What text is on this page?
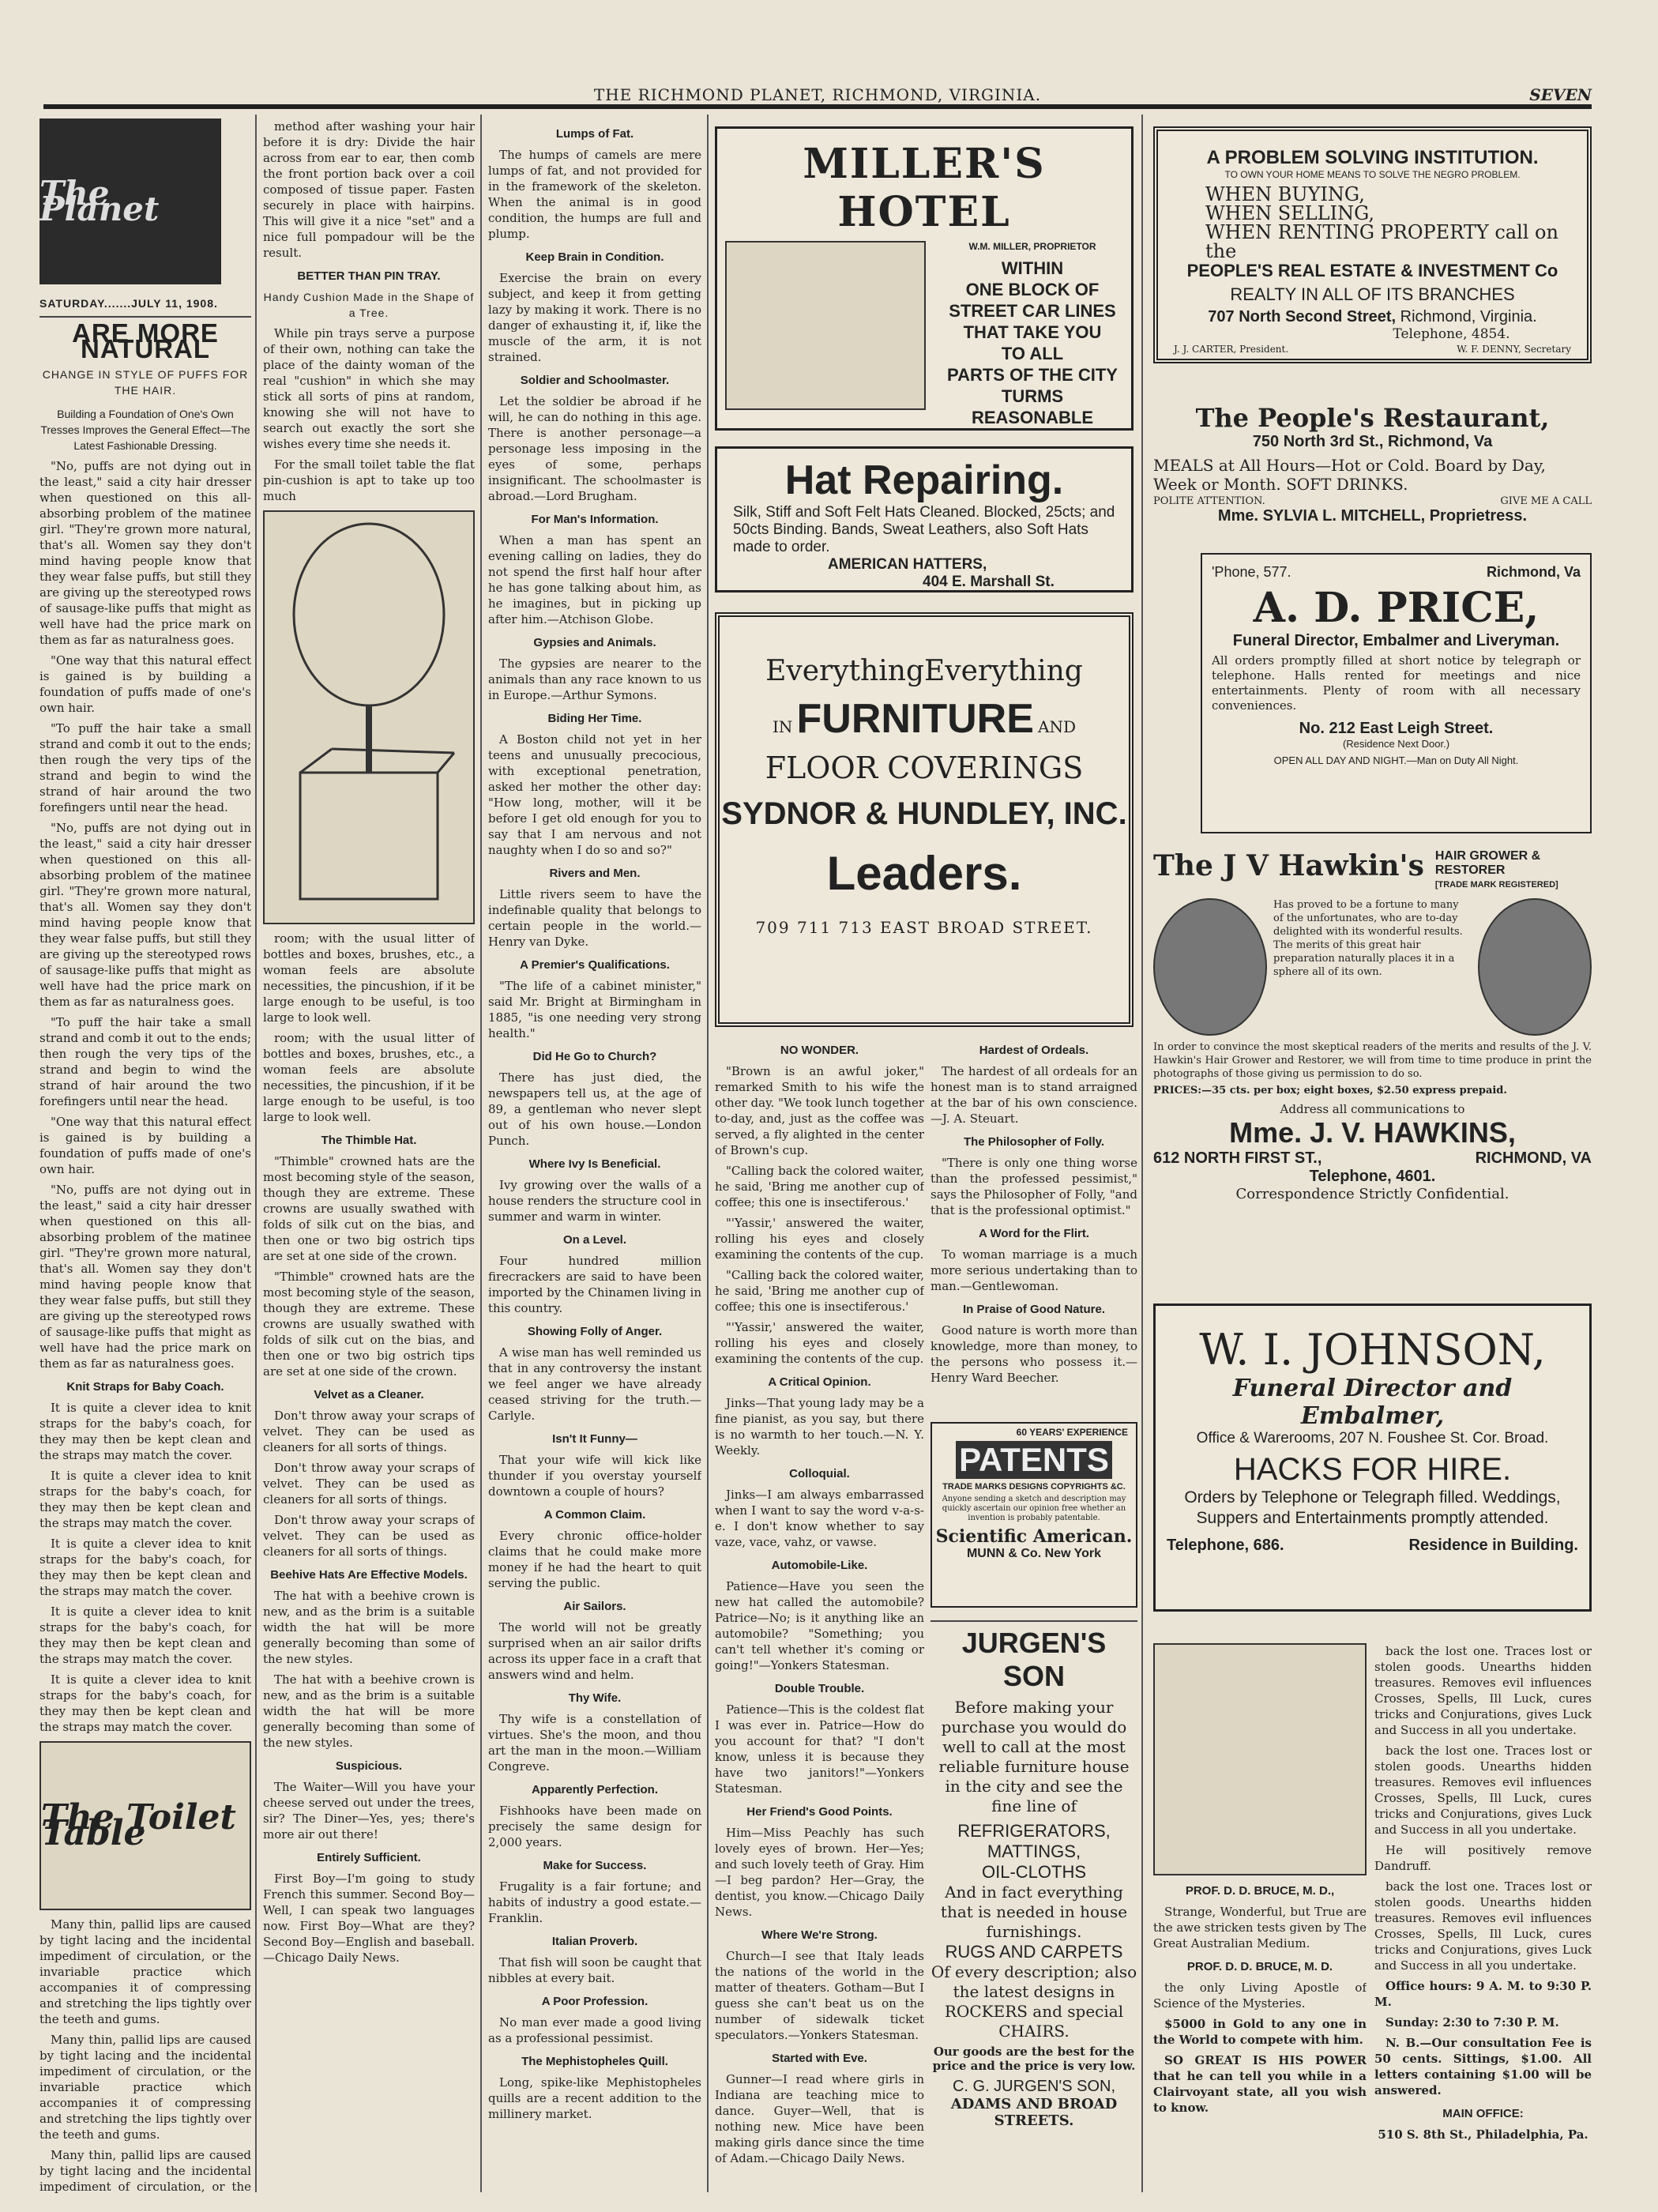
THE RICHMOND PLANET, RICHMOND, VIRGINIA.	SEVEN
The Planet
SATURDAY.......JULY 11, 1908.
ARE MORE NATURAL
CHANGE IN STYLE OF PUFFS FOR THE HAIR.
Building a Foundation of One's Own Tresses Improves the General Effect—The Latest Fashionable Dressing.

"No, puffs are not dying out in the least," said a city hair dresser when questioned on this all-absorbing problem of the matinee girl. "They're grown more natural, that's all. Women say they don't mind having people know that they wear false puffs, but still they are giving up the stereotyped rows of sausage-like puffs that might as well have had the price mark on them as far as naturalness goes.

"One way that this natural effect is gained is by building a foundation of puffs made of one's own hair.

"To puff the hair take a small strand and comb it out to the ends; then rough the very tips of the strand and begin to wind the strand of hair around the two forefingers until near the head.

"No, puffs are not dying out in the least," said a city hair dresser when questioned on this all-absorbing problem of the matinee girl. "They're grown more natural, that's all. Women say they don't mind having people know that they wear false puffs, but still they are giving up the stereotyped rows of sausage-like puffs that might as well have had the price mark on them as far as naturalness goes.

"To puff the hair take a small strand and comb it out to the ends; then rough the very tips of the strand and begin to wind the strand of hair around the two forefingers until near the head.

"One way that this natural effect is gained is by building a foundation of puffs made of one's own hair.

"No, puffs are not dying out in the least," said a city hair dresser when questioned on this all-absorbing problem of the matinee girl. "They're grown more natural, that's all. Women say they don't mind having people know that they wear false puffs, but still they are giving up the stereotyped rows of sausage-like puffs that might as well have had the price mark on them as far as naturalness goes.

Knit Straps for Baby Coach.

It is quite a clever idea to knit straps for the baby's coach, for they may then be kept clean and the straps may match the cover.

It is quite a clever idea to knit straps for the baby's coach, for they may then be kept clean and the straps may match the cover.

It is quite a clever idea to knit straps for the baby's coach, for they may then be kept clean and the straps may match the cover.

It is quite a clever idea to knit straps for the baby's coach, for they may then be kept clean and the straps may match the cover.

It is quite a clever idea to knit straps for the baby's coach, for they may then be kept clean and the straps may match the cover.

The Toilet Table

Many thin, pallid lips are caused by tight lacing and the incidental impediment of circulation, or the invariable practice which accompanies it of compressing and stretching the lips tightly over the teeth and gums.

Many thin, pallid lips are caused by tight lacing and the incidental impediment of circulation, or the invariable practice which accompanies it of compressing and stretching the lips tightly over the teeth and gums.

Many thin, pallid lips are caused by tight lacing and the incidental impediment of circulation, or the

method after washing your hair before it is dry: Divide the hair across from ear to ear, then comb the front portion back over a coil composed of tissue paper. Fasten securely in place with hairpins. This will give it a nice "set" and a nice full pompadour will be the result.

BETTER THAN PIN TRAY.
Handy Cushion Made in the Shape of a Tree.

While pin trays serve a purpose of their own, nothing can take the place of the dainty woman of the real "cushion" in which she may stick all sorts of pins at random, knowing she will not have to search out exactly the sort she wishes every time she needs it.

For the small toilet table the flat pin-cushion is apt to take up too much

room; with the usual litter of bottles and boxes, brushes, etc., a woman feels are absolute necessities, the pincushion, if it be large enough to be useful, is too large to look well.

room; with the usual litter of bottles and boxes, brushes, etc., a woman feels are absolute necessities, the pincushion, if it be large enough to be useful, is too large to look well.

The Thimble Hat.

"Thimble" crowned hats are the most becoming style of the season, though they are extreme. These crowns are usually swathed with folds of silk cut on the bias, and then one or two big ostrich tips are set at one side of the crown.

"Thimble" crowned hats are the most becoming style of the season, though they are extreme. These crowns are usually swathed with folds of silk cut on the bias, and then one or two big ostrich tips are set at one side of the crown.

Velvet as a Cleaner.

Don't throw away your scraps of velvet. They can be used as cleaners for all sorts of things.

Don't throw away your scraps of velvet. They can be used as cleaners for all sorts of things.

Don't throw away your scraps of velvet. They can be used as cleaners for all sorts of things.

Beehive Hats Are Effective Models.

The hat with a beehive crown is new, and as the brim is a suitable width the hat will be more generally becoming than some of the new styles.

The hat with a beehive crown is new, and as the brim is a suitable width the hat will be more generally becoming than some of the new styles.

Suspicious.

The Waiter—Will you have your cheese served out under the trees, sir? The Diner—Yes, yes; there's more air out there!

Entirely Sufficient.

First Boy—I'm going to study French this summer. Second Boy—Well, I can speak two languages now. First Boy—What are they? Second Boy—English and baseball. —Chicago Daily News.

Lumps of Fat.

The humps of camels are mere lumps of fat, and not provided for in the framework of the skeleton. When the animal is in good condition, the humps are full and plump.

Keep Brain in Condition.

Exercise the brain on every subject, and keep it from getting lazy by making it work. There is no danger of exhausting it, if, like the muscle of the arm, it is not strained.

Soldier and Schoolmaster.

Let the soldier be abroad if he will, he can do nothing in this age. There is another personage—a personage less imposing in the eyes of some, perhaps insignificant. The schoolmaster is abroad.—Lord Brugham.

For Man's Information.

When a man has spent an evening calling on ladies, they do not spend the first half hour after he has gone talking about him, as he imagines, but in picking up after him.—Atchison Globe.

Gypsies and Animals.

The gypsies are nearer to the animals than any race known to us in Europe.—Arthur Symons.

Biding Her Time.

A Boston child not yet in her teens and unusually precocious, with exceptional penetration, asked her mother the other day: "How long, mother, will it be before I get old enough for you to say that I am nervous and not naughty when I do so and so?"

Rivers and Men.

Little rivers seem to have the indefinable quality that belongs to certain people in the world.—Henry van Dyke.

A Premier's Qualifications.

"The life of a cabinet minister," said Mr. Bright at Birmingham in 1885, "is one needing very strong health."

Did He Go to Church?

There has just died, the newspapers tell us, at the age of 89, a gentleman who never slept out of his own house.—London Punch.

Where Ivy Is Beneficial.

Ivy growing over the walls of a house renders the structure cool in summer and warm in winter.

On a Level.

Four hundred million firecrackers are said to have been imported by the Chinamen living in this country.

Showing Folly of Anger.

A wise man has well reminded us that in any controversy the instant we feel anger we have already ceased striving for the truth.—Carlyle.

Isn't It Funny—

That your wife will kick like thunder if you overstay yourself downtown a couple of hours?

A Common Claim.

Every chronic office-holder claims that he could make more money if he had the heart to quit serving the public.

Air Sailors.

The world will not be greatly surprised when an air sailor drifts across its upper face in a craft that answers wind and helm.

Thy Wife.

Thy wife is a constellation of virtues. She's the moon, and thou art the man in the moon.—William Congreve.

Apparently Perfection.

Fishhooks have been made on precisely the same design for 2,000 years.

Make for Success.

Frugality is a fair fortune; and habits of industry a good estate.—Franklin.

Italian Proverb.

That fish will soon be caught that nibbles at every bait.

A Poor Profession.

No man ever made a good living as a professional pessimist.

The Mephistopheles Quill.

Long, spike-like Mephistopheles quills are a recent addition to the millinery market.

MILLER'S HOTEL
W.M. MILLER, PROPRIETOR
WITHIN
ONE BLOCK OF
STREET CAR LINES
THAT TAKE YOU
TO ALL
PARTS OF THE CITY
TURMS
REASONABLE
Hat Repairing.
Silk, Stiff and Soft Felt Hats Cleaned. Blocked, 25cts; and 50cts Binding. Bands, Sweat Leathers, also Soft Hats made to order.
AMERICAN HATTERS,
404 E. Marshall St.
EverythingEverything
IN FURNITURE AND
FLOOR COVERINGS
SYDNOR & HUNDLEY, INC.
Leaders.
709 711 713 EAST BROAD STREET.
NO WONDER.

"Brown is an awful joker," remarked Smith to his wife the other day. "We took lunch together to-day, and, just as the coffee was served, a fly alighted in the center of Brown's cup.

"Calling back the colored waiter, he said, 'Bring me another cup of coffee; this one is insectiferous.'

"'Yassir,' answered the waiter, rolling his eyes and closely examining the contents of the cup.

"Calling back the colored waiter, he said, 'Bring me another cup of coffee; this one is insectiferous.'

"'Yassir,' answered the waiter, rolling his eyes and closely examining the contents of the cup.

A Critical Opinion.

Jinks—That young lady may be a fine pianist, as you say, but there is no warmth to her touch.—N. Y. Weekly.

Colloquial.

Jinks—I am always embarrassed when I want to say the word v-a-s-e. I don't know whether to say vaze, vace, vahz, or vawse.

Automobile-Like.

Patience—Have you seen the new hat called the automobile? Patrice—No; is it anything like an automobile? "Something; you can't tell whether it's coming or going!"—Yonkers Statesman.

Double Trouble.

Patience—This is the coldest flat I was ever in. Patrice—How do you account for that? "I don't know, unless it is because they have two janitors!"—Yonkers Statesman.

Her Friend's Good Points.

Him—Miss Peachly has such lovely eyes of brown. Her—Yes; and such lovely teeth of Gray. Him—I beg pardon? Her—Gray, the dentist, you know.—Chicago Daily News.

Where We're Strong.

Church—I see that Italy leads the nations of the world in the matter of theaters. Gotham—But I guess she can't beat us on the number of sidewalk ticket speculators.—Yonkers Statesman.

Started with Eve.

Gunner—I read where girls in Indiana are teaching mice to dance. Guyer—Well, that is nothing new. Mice have been making girls dance since the time of Adam.—Chicago Daily News.

Hardest of Ordeals.

The hardest of all ordeals for an honest man is to stand arraigned at the bar of his own conscience.—J. A. Steuart.

The Philosopher of Folly.

"There is only one thing worse than the professed pessimist," says the Philosopher of Folly, "and that is the professional optimist."

A Word for the Flirt.

To woman marriage is a much more serious undertaking than to man.—Gentlewoman.

In Praise of Good Nature.

Good nature is worth more than knowledge, more than money, to the persons who possess it.—Henry Ward Beecher.

60 YEARS' EXPERIENCE
PATENTS
TRADE MARKS DESIGNS COPYRIGHTS &C.
Anyone sending a sketch and description may quickly ascertain our opinion free whether an invention is probably patentable.
Scientific American.
MUNN & Co. New York
JURGEN'S SON
Before making your purchase you would do well to call at the most reliable furniture house in the city and see the fine line of
REFRIGERATORS,
MATTINGS,
OIL-CLOTHS
And in fact everything that is needed in house furnishings.
RUGS AND CARPETS
Of every description; also the latest designs in ROCKERS and special CHAIRS.
Our goods are the best for the price and the price is very low.
C. G. JURGEN'S SON,
ADAMS AND BROAD STREETS.
A PROBLEM SOLVING INSTITUTION.
TO OWN YOUR HOME MEANS TO SOLVE THE NEGRO PROBLEM.
WHEN BUYING,
WHEN SELLING,
WHEN RENTING PROPERTY call on the
PEOPLE'S REAL ESTATE & INVESTMENT Co
REALTY IN ALL OF ITS BRANCHES
707 North Second Street, Richmond, Virginia.
Telephone, 4854.
J. J. CARTER, President.	W. F. DENNY, Secretary
The People's Restaurant,
750 North 3rd St., Richmond, Va
MEALS at All Hours—Hot or Cold. Board by Day, Week or Month. SOFT DRINKS.
POLITE ATTENTION.	GIVE ME A CALL
Mme. SYLVIA L. MITCHELL, Proprietress.
'Phone, 577.	Richmond, Va
A. D. PRICE,
Funeral Director, Embalmer and Liveryman.
All orders promptly filled at short notice by telegraph or telephone. Halls rented for meetings and nice entertainments. Plenty of room with all necessary conveniences.
No. 212 East Leigh Street.
(Residence Next Door.)
OPEN ALL DAY AND NIGHT.—Man on Duty All Night.
The J V Hawkin's HAIR GROWER &
RESTORER
[TRADE MARK REGISTERED]
Has proved to be a fortune to many of the unfortunates, who are to-day delighted with its wonderful results. The merits of this great hair preparation naturally places it in a sphere all of its own.
In order to convince the most skeptical readers of the merits and results of the J. V. Hawkin's Hair Grower and Restorer, we will from time to time produce in print the photographs of those giving us permission to do so.
PRICES:—35 cts. per box; eight boxes, $2.50 express prepaid.
Address all communications to
Mme. J. V. HAWKINS,
612 NORTH FIRST ST.,	RICHMOND, VA
Telephone, 4601.
Correspondence Strictly Confidential.
W. I. JOHNSON,
Funeral Director and Embalmer,
Office & Warerooms, 207 N. Foushee St. Cor. Broad.
HACKS FOR HIRE.
Orders by Telephone or Telegraph filled. Weddings, Suppers and Entertainments promptly attended.
Telephone, 686.	Residence in Building.
PROF. D. D. BRUCE, M. D.,

Strange, Wonderful, but True are the awe stricken tests given by The Great Australian Medium.

PROF. D. D. BRUCE, M. D.

the only Living Apostle of Science of the Mysteries.

$5000 in Gold to any one in the World to compete with him.

SO GREAT IS HIS POWER that he can tell you while in a Clairvoyant state, all you wish to know.

back the lost one. Traces lost or stolen goods. Unearths hidden treasures. Removes evil influences Crosses, Spells, Ill Luck, cures tricks and Conjurations, gives Luck and Success in all you undertake.

back the lost one. Traces lost or stolen goods. Unearths hidden treasures. Removes evil influences Crosses, Spells, Ill Luck, cures tricks and Conjurations, gives Luck and Success in all you undertake.

He will positively remove Dandruff.

back the lost one. Traces lost or stolen goods. Unearths hidden treasures. Removes evil influences Crosses, Spells, Ill Luck, cures tricks and Conjurations, gives Luck and Success in all you undertake.

Office hours: 9 A. M. to 9:30 P. M.

Sunday: 2:30 to 7:30 P. M.

N. B.—Our consultation Fee is 50 cents. Sittings, $1.00. All letters containing $1.00 will be answered.

MAIN OFFICE:
510 S. 8th St., Philadelphia, Pa.
